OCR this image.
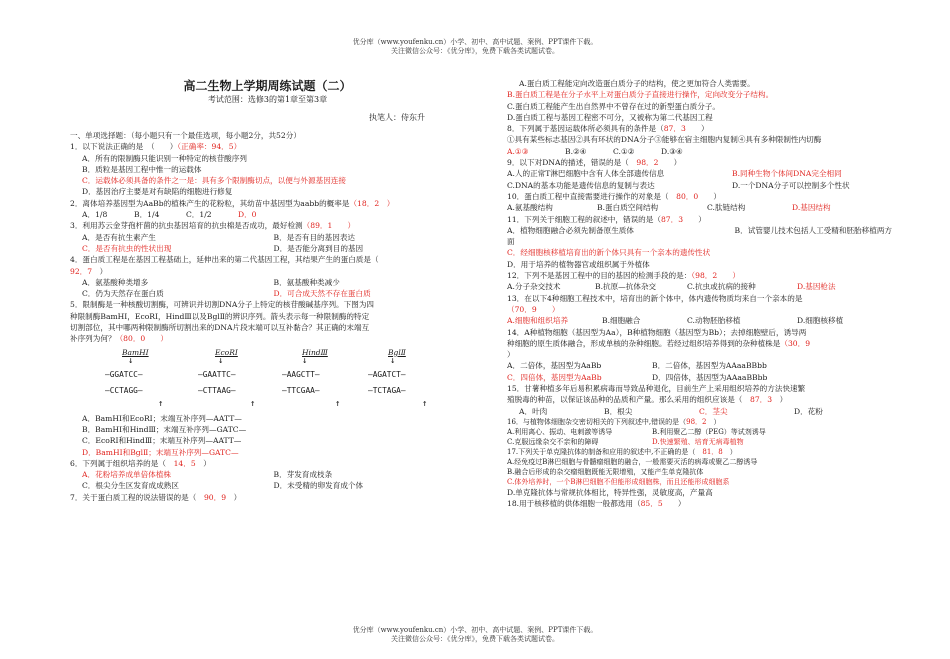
优分库（www.youfenku.cn）小学、初中、高中试题、案例、PPT课件下载。
关注微信公众号：《优分库》，免费下载各类试题试卷。
高二生物上学期周练试题（二）
考试范围：选修3的第1章至第3章
执笔人：侍东升
一、单项选择题：（每小题只有一个最佳选项，每小题2分，共52分）
1．以下说法正确的是　（　　）（正确率：94．5）
A．所有的限制酶只能识别一种特定的核苷酸序列
B．质粒是基因工程中惟一的运载体
C．运载体必须具备的条件之一是：具有多个限制酶切点，以便与外源基因连接
D．基因治疗主要是对有缺陷的细胞进行修复
2．离体培养基因型为AaBb的植株产生的花粉粒，其幼苗中基因型为aabb的概率是（18．2　）
A．1/8	B．1/4	C．1/2	D．0
3．利用苏云金芽孢杆菌的抗虫基因培育的抗虫棉是否成功，最好检测（89．1　　）
A．是否有抗生素产生	B．是否有目的基因表达
C．是否有抗虫的性状出现	D．是否能分离到目的基因
4．蛋白质工程是在基因工程基础上，延伸出来的第二代基因工程，其结果产生的蛋白质是（
92．7　）
A．氨基酸种类增多	B．氨基酸种类减少
C．仍为天然存在蛋白质	D．可合成天然不存在蛋白质
5．限制酶是一种核酸切割酶，可辨识并切割DNA分子上特定的核苷酸碱基序列。下图为四
种限制酶BamHⅠ，EcoRⅠ，HindⅢ以及BglⅡ的辨识序列。箭头表示每一种限制酶的特定
切割部位，其中哪两种限制酶所切割出来的DNA片段末端可以互补黏合？其正确的末端互
补序列为何？（80．0　　）
BamHⅠ	EcoRⅠ	HindⅢ	BglⅡ
↓	↓	↓	↓
—GGATCC—	—GAATTC—	—AAGCTT—	—AGATCT—
—CCTAGG—	—CTTAAG—	—TTCGAA—	—TCTAGA—
↑	↑	↑	↑
A．BamHⅠ和EcoRⅠ；末端互补序列—AATT—
B．BamHⅠ和HindⅢ；末端互补序列—GATC—
C．EcoRⅠ和HindⅢ；末端互补序列—AATT—
D．BamHⅠ和BglⅡ；末端互补序列—GATC—
6．下列属于组织培养的是（　 14．5　）
A．花粉培养成单倍体植株	B．芽发育成枝条
C．根尖分生区发育成成熟区	D．未受精的卵发育成个体
7．关于蛋白质工程的说法错误的是（　 90．9　）
A.蛋白质工程能定向改造蛋白质分子的结构，使之更加符合人类需要。
B.蛋白质工程是在分子水平上对蛋白质分子直接进行操作，定向改变分子结构。
C.蛋白质工程能产生出自然界中不曾存在过的新型蛋白质分子。
D.蛋白质工程与基因工程密不可分，又被称为第二代基因工程
8．下列属于基因运载体所必须具有的条件是（87．3　　）
①具有某些标志基因②具有环状的DNA分子③能够在宿主细胞内复制④具有多种限制性内切酶
A.①③	B.②④	C.①②	D.③④
9．以下对DNA的描述，错误的是（　 98．2　　）
A.人的正常T淋巴细胞中含有人体全部遗传信息	B.同种生物个体间DNA完全相同
C.DNA的基本功能是遗传信息的复制与表达	D.一个DNA分子可以控制多个性状
10．蛋白质工程中直接需要进行操作的对象是（　 80．0　　）
A.氨基酸结构	B.蛋白质空间结构	C.肽链结构	D.基因结构
11．下列关于细胞工程的叙述中，错误的是（87．3　　）
A．植物细胞融合必须先制备原生质体	B．试管婴儿技术包括人工受精和胚胎移植两方
面
C．经细胞核移植培育出的新个体只具有一个亲本的遗传性状
D．用于培养的植物器官或组织属于外植体
12．下列不是基因工程中的目的基因的检测手段的是：（98．2　　）
A.分子杂交技术	B.抗原—抗体杂交	C.抗虫或抗病的接种	D.基因枪法
13．在以下4种细胞工程技术中，培育出的新个体中，体内遗传物质均来自一个亲本的是
（70．9　　）
A.细胞和组织培养	B.细胞融合	C.动物胚胎移植	D.细胞核移植
14．A种植物细胞（基因型为Aa），B种植物细胞（基因型为Bb）；去掉细胞壁后，诱导两
种细胞的原生质体融合，形成单核的杂种细胞。若经过组织培养得到的杂种植株是（30．9
）
A．二倍体，基因型为AaBb	B．二倍体，基因型为AAaaBBbb
C．四倍体，基因型为AaBb	D．四倍体，基因型为AAaaBBbb
15．甘薯种植多年后易积累病毒而导致品种退化，目前生产上采用组织培养的方法快速繁
殖脱毒的种苗，以保证该品种的品质和产量。那么采用的组织应该是（　 87．3　）
A．叶肉	B．根尖	C．茎尖	D．花粉
16．与植物体细胞杂交密切相关的下列叙述中,错误的是（98．2　）
A.利用离心、振动、电刺激等诱导	B.利用聚乙二醇（PEG）等试剂诱导
C.克服远缘杂交不亲和的障碍	D.快速繁殖、培育无病毒植物
17.下列关于单克隆抗体的制备和应用的叙述中,不正确的是（　 81．8　）
A.经免疫过B淋巴细胞与骨髓瘤细胞的融合，一般需要灭活的病毒或聚乙二醇诱导
B.融合后形成的杂交瘤细胞既能无限增殖，又能产生单克隆抗体
C.体外培养时，一个B淋巴细胞不但能形成细胞株，而且还能形成细胞系
D.单克隆抗体与常规抗体相比，特异性强，灵敏度高，产量高
18.用于核移植的供体细胞一般都选用（85．5　　）
优分库（www.youfenku.cn）小学、初中、高中试题、案例、PPT课件下载。
关注微信公众号：《优分库》，免费下载各类试题试卷。
